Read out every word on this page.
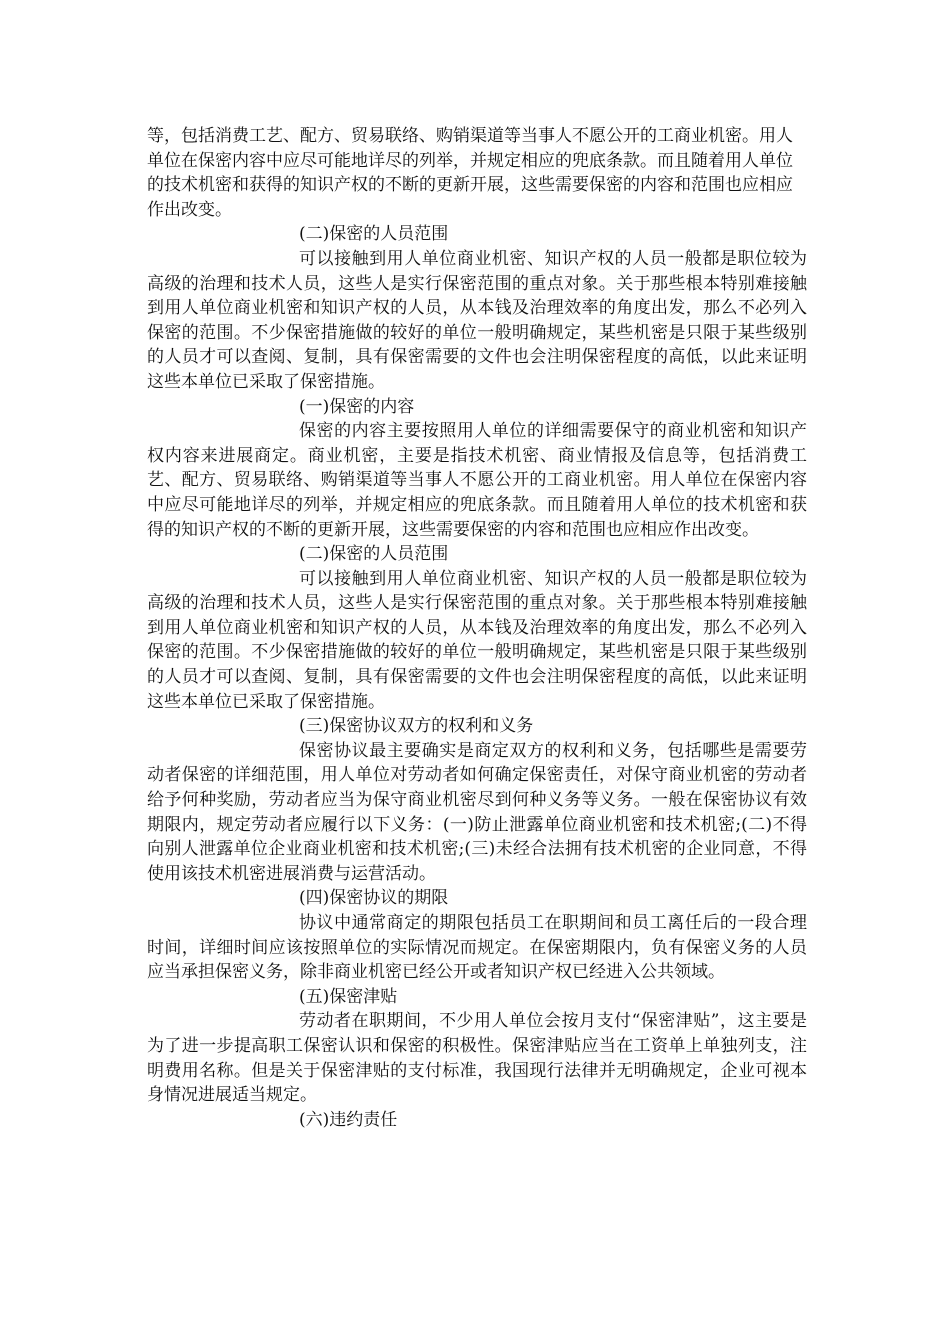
等，包括消费工艺、配方、贸易联络、购销渠道等当事人不愿公开的工商业机密。用人单位在保密内容中应尽可能地详尽的列举，并规定相应的兜底条款。而且随着用人单位的技术机密和获得的知识产权的不断的更新开展，这些需要保密的内容和范围也应相应作出改变。

(二)保密的人员范围

可以接触到用人单位商业机密、知识产权的人员一般都是职位较为高级的治理和技术人员，这些人是实行保密范围的重点对象。关于那些根本特别难接触到用人单位商业机密和知识产权的人员，从本钱及治理效率的角度出发，那么不必列入保密的范围。不少保密措施做的较好的单位一般明确规定，某些机密是只限于某些级别的人员才可以查阅、复制，具有保密需要的文件也会注明保密程度的高低，以此来证明这些本单位已采取了保密措施。

(一)保密的内容

保密的内容主要按照用人单位的详细需要保守的商业机密和知识产权内容来进展商定。商业机密，主要是指技术机密、商业情报及信息等，包括消费工艺、配方、贸易联络、购销渠道等当事人不愿公开的工商业机密。用人单位在保密内容中应尽可能地详尽的列举，并规定相应的兜底条款。而且随着用人单位的技术机密和获得的知识产权的不断的更新开展，这些需要保密的内容和范围也应相应作出改变。

(二)保密的人员范围

可以接触到用人单位商业机密、知识产权的人员一般都是职位较为高级的治理和技术人员，这些人是实行保密范围的重点对象。关于那些根本特别难接触到用人单位商业机密和知识产权的人员，从本钱及治理效率的角度出发，那么不必列入保密的范围。不少保密措施做的较好的单位一般明确规定，某些机密是只限于某些级别的人员才可以查阅、复制，具有保密需要的文件也会注明保密程度的高低，以此来证明这些本单位已采取了保密措施。

(三)保密协议双方的权利和义务

保密协议最主要确实是商定双方的权利和义务，包括哪些是需要劳动者保密的详细范围，用人单位对劳动者如何确定保密责任，对保守商业机密的劳动者给予何种奖励，劳动者应当为保守商业机密尽到何种义务等义务。一般在保密协议有效期限内，规定劳动者应履行以下义务：(一)防止泄露单位商业机密和技术机密;(二)不得向别人泄露单位企业商业机密和技术机密;(三)未经合法拥有技术机密的企业同意，不得使用该技术机密进展消费与运营活动。

(四)保密协议的期限

协议中通常商定的期限包括员工在职期间和员工离任后的一段合理时间，详细时间应该按照单位的实际情况而规定。在保密期限内，负有保密义务的人员应当承担保密义务，除非商业机密已经公开或者知识产权已经进入公共领域。

(五)保密津贴

劳动者在职期间，不少用人单位会按月支付“保密津贴”，这主要是为了进一步提高职工保密认识和保密的积极性。保密津贴应当在工资单上单独列支，注明费用名称。但是关于保密津贴的支付标准，我国现行法律并无明确规定，企业可视本身情况进展适当规定。

(六)违约责任
